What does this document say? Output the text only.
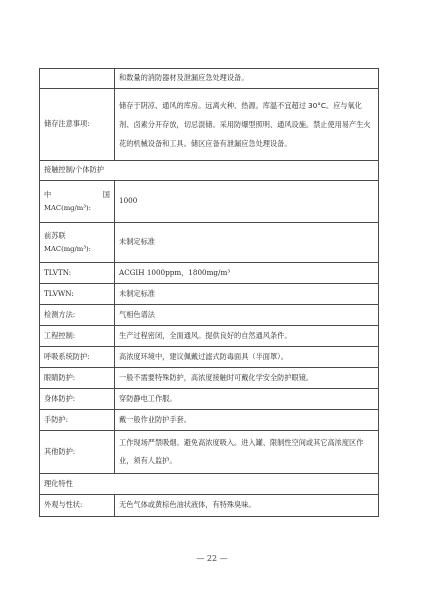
	和数量的消防器材及泄漏应急处理设备。
储存注意事项:	储存于阴凉、通风的库房。远离火种、热源。库温不宜超过 30°C。应与氧化剂、卤素分开存放，切忌混储。采用防爆型照明、通风设施。禁止使用易产生火花的机械设备和工具。储区应备有泄漏应急处理设备。
接触控制/个体防护	

中 国
MAC(mg/m³):	1000

前苏联
MAC(mg/m³):	未制定标准
TLVTN:	ACGIH 1000ppm，1800mg/m³
TLVWN:	未制定标准
检测方法:	气相色谱法
工程控制:	生产过程密闭，全面通风。提供良好的自然通风条件。
呼吸系统防护:	高浓度环境中，建议佩戴过滤式防毒面具（半面罩）。
眼睛防护:	一般不需要特殊防护，高浓度接触时可戴化学安全防护眼镜。
身体防护:	穿防静电工作服。
手防护:	戴一般作业防护手套。
其他防护:	工作现场严禁吸烟。避免高浓度吸入。进入罐、限制性空间或其它高浓度区作业，须有人监护。
理化特性	
外观与性状:	无色气体或黄棕色油状液体，有特殊臭味。
— 22 —
